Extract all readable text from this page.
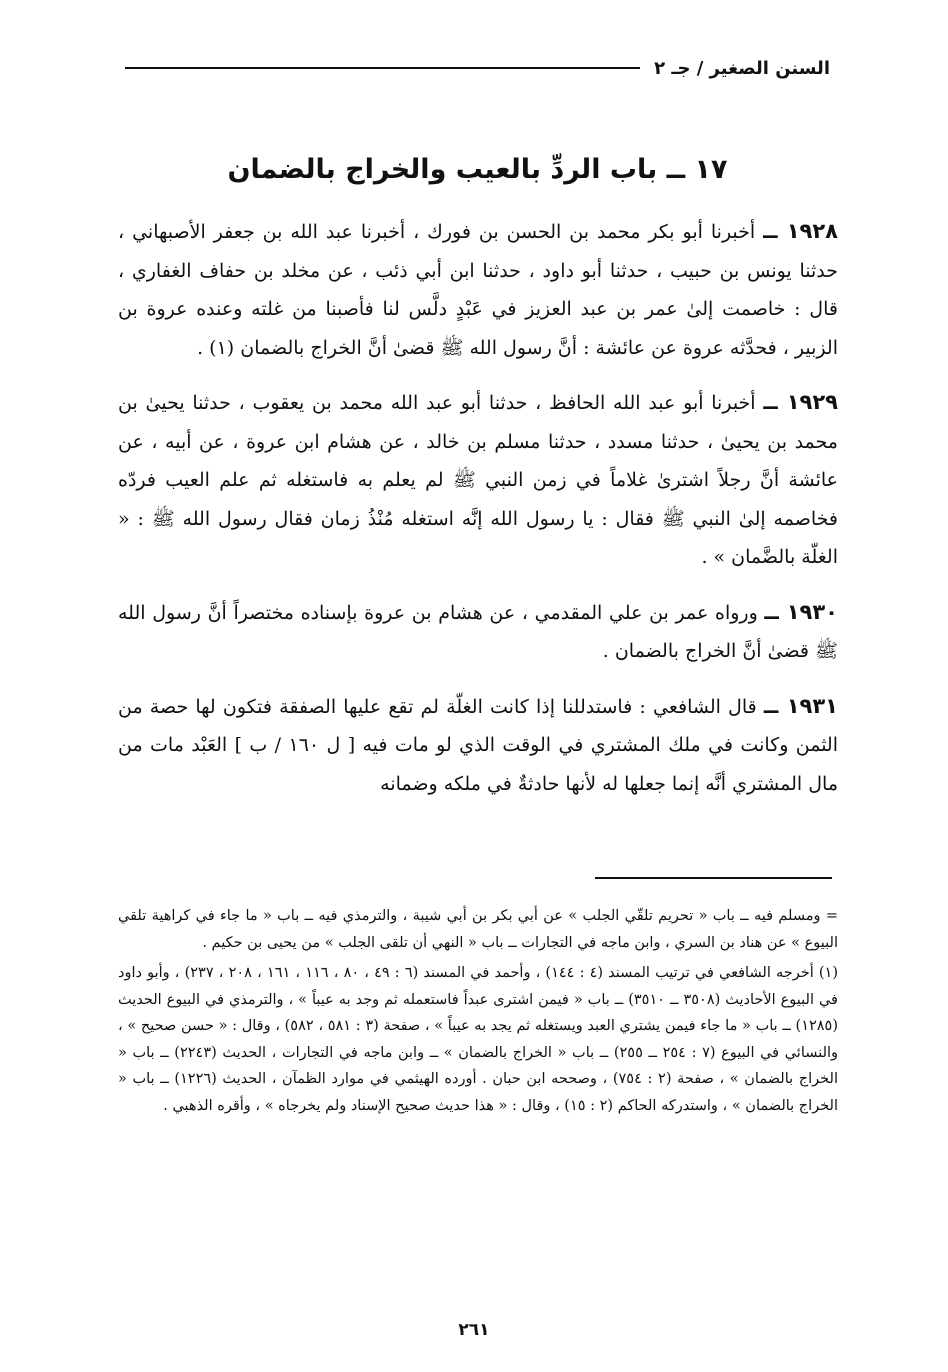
السنن الصغير / جـ ٢
١٧ ــ باب الردِّ بالعيب والخراج بالضمان

١٩٢٨ ــ أخبرنا أبو بكر محمد بن الحسن بن فورك ، أخبرنا عبد الله بن جعفر الأصبهاني ، حدثنا يونس بن حبيب ، حدثنا أبو داود ، حدثنا ابن أبي ذئب ، عن مخلد بن حفاف الغفاري ، قال : خاصمت إلىٰ عمر بن عبد العزيز في عَبْدٍ دلَّس لنا فأصبنا من غلته وعنده عروة بن الزبير ، فحدَّثه عروة عن عائشة : أنَّ رسول الله ﷺ قضىٰ أنَّ الخراج بالضمان (١) .

١٩٢٩ ــ أخبرنا أبو عبد الله الحافظ ، حدثنا أبو عبد الله محمد بن يعقوب ، حدثنا يحيىٰ بن محمد بن يحيىٰ ، حدثنا مسدد ، حدثنا مسلم بن خالد ، عن هشام ابن عروة ، عن أبيه ، عن عائشة أنَّ رجلاً اشترىٰ غلاماً في زمن النبي ﷺ لم يعلم به فاستغله ثم علم العيب فردّه فخاصمه إلىٰ النبي ﷺ فقال : يا رسول الله إنَّه استغله مُنْذُ زمان فقال رسول الله ﷺ : « الغلّة بالضَّمان » .

١٩٣٠ ــ ورواه عمر بن علي المقدمي ، عن هشام بن عروة بإسناده مختصراً أنَّ رسول الله ﷺ قضىٰ أنَّ الخراج بالضمان .

١٩٣١ ــ قال الشافعي : فاستدللنا إذا كانت الغلّة لم تقع عليها الصفقة فتكون لها حصة من الثمن وكانت في ملك المشتري في الوقت الذي لو مات فيه [ ل ١٦٠ / ب ] العَبْد مات من مال المشتري أنَّه إنما جعلها له لأنها حادثةٌ في ملكه وضمانه

= ومسلم فيه ــ باب « تحريم تلقّي الجلب » عن أبي بكر بن أبي شيبة ، والترمذي فيه ــ باب « ما جاء في كراهية تلقي البيوع » عن هناد بن السري ، وابن ماجه في التجارات ــ باب « النهي أن تلقى الجلب » من يحيى بن حكيم .

(١) أخرجه الشافعي في ترتيب المسند (٤ : ١٤٤) ، وأحمد في المسند (٦ : ٤٩ ، ٨٠ ، ١١٦ ، ١٦١ ، ٢٠٨ ، ٢٣٧) ، وأبو داود في البيوع الأحاديث (٣٥٠٨ ــ ٣٥١٠) ــ باب « فيمن اشترى عبداً فاستعمله ثم وجد به عيباً » ، والترمذي في البيوع الحديث (١٢٨٥) ــ باب « ما جاء فيمن يشتري العبد ويستغله ثم يجد به عيباً » ، صفحة (٣ : ٥٨١ ، ٥٨٢) ، وقال : « حسن صحيح » ، والنسائي في البيوع (٧ : ٢٥٤ ــ ٢٥٥) ــ باب « الخراج بالضمان » ــ وابن ماجه في التجارات ، الحديث (٢٢٤٣) ــ باب « الخراج بالضمان » ، صفحة (٢ : ٧٥٤) ، وصححه ابن حبان . أورده الهيثمي في موارد الظمآن ، الحديث (١٢٢٦) ــ باب « الخراج بالضمان » ، واستدركه الحاكم (٢ : ١٥) ، وقال : « هذا حديث صحيح الإسناد ولم يخرجاه » ، وأقره الذهبي .

٢٦١
